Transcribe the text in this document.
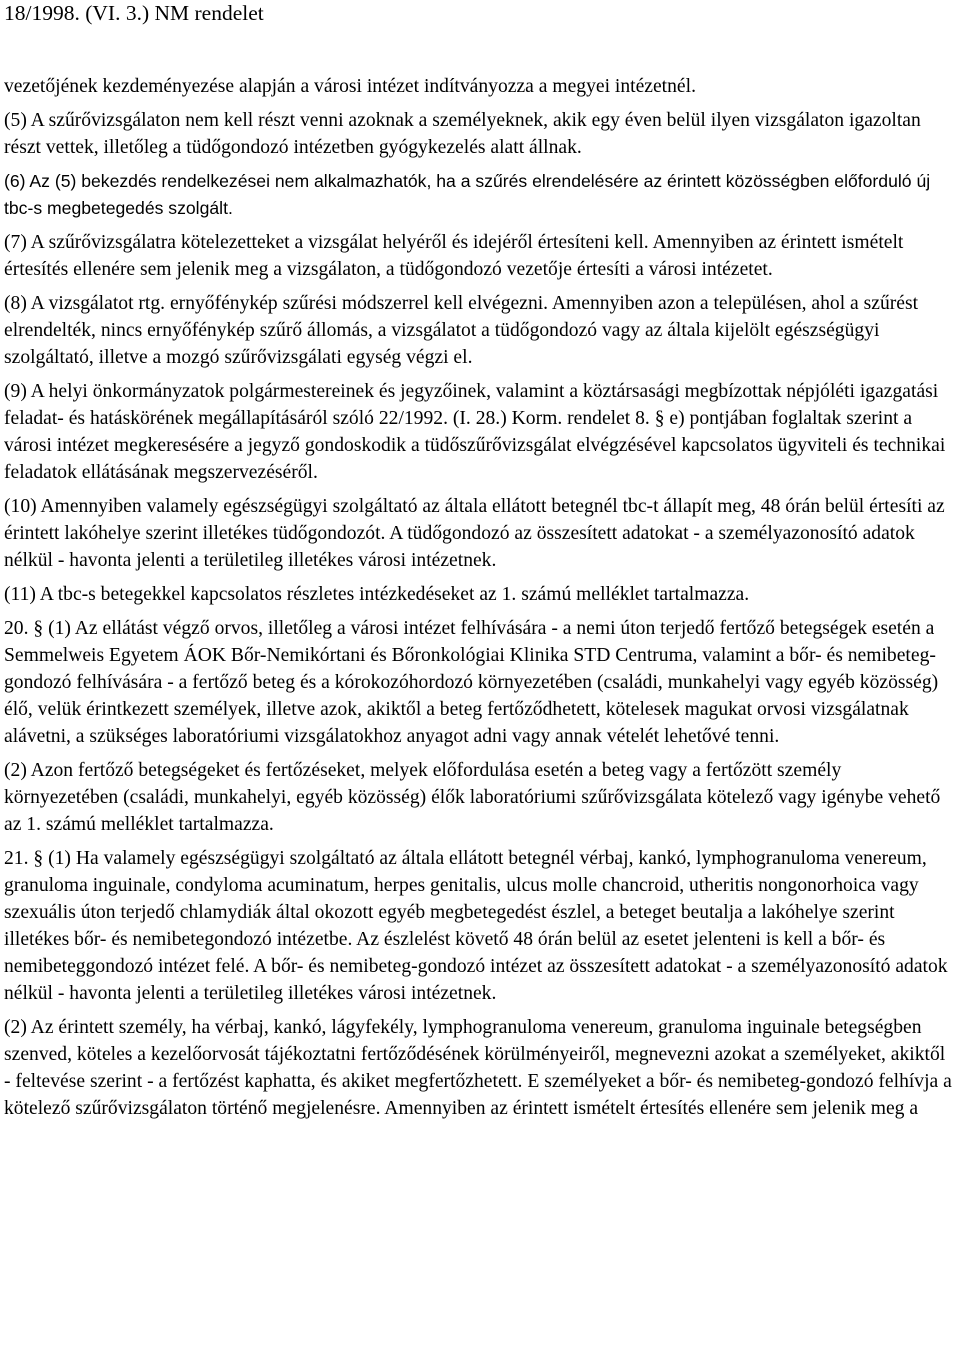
18/1998. (VI. 3.) NM rendelet

vezetőjének kezdeményezése alapján a városi intézet indítványozza a megyei intézetnél.

(5) A szűrővizsgálaton nem kell részt venni azoknak a személyeknek, akik egy éven belül ilyen vizsgálaton igazoltan részt vettek, illetőleg a tüdőgondozó intézetben gyógykezelés alatt állnak.

(6) Az (5) bekezdés rendelkezései nem alkalmazhatók, ha a szűrés elrendelésére az érintett közösségben előforduló új tbc-s megbetegedés szolgált.

(7) A szűrővizsgálatra kötelezetteket a vizsgálat helyéről és idejéről értesíteni kell. Amennyiben az érintett ismételt értesítés ellenére sem jelenik meg a vizsgálaton, a tüdőgondozó vezetője értesíti a városi intézetet.

(8) A vizsgálatot rtg. ernyőfénykép szűrési módszerrel kell elvégezni. Amennyiben azon a településen, ahol a szűrést elrendelték, nincs ernyőfénykép szűrő állomás, a vizsgálatot a tüdőgondozó vagy az általa kijelölt egészségügyi szolgáltató, illetve a mozgó szűrővizsgálati egység végzi el.

(9) A helyi önkormányzatok polgármestereinek és jegyzőinek, valamint a köztársasági megbízottak népjóléti igazgatási feladat- és hatáskörének megállapításáról szóló 22/1992. (I. 28.) Korm. rendelet 8. § e) pontjában foglaltak szerint a városi intézet megkeresésére a jegyző gondoskodik a tüdőszűrővizsgálat elvégzésével kapcsolatos ügyviteli és technikai feladatok ellátásának megszervezéséről.

(10) Amennyiben valamely egészségügyi szolgáltató az általa ellátott betegnél tbc-t állapít meg, 48 órán belül értesíti az érintett lakóhelye szerint illetékes tüdőgondozót. A tüdőgondozó az összesített adatokat - a személyazonosító adatok nélkül - havonta jelenti a területileg illetékes városi intézetnek.

(11) A tbc-s betegekkel kapcsolatos részletes intézkedéseket az 1. számú melléklet tartalmazza.

20. § (1) Az ellátást végző orvos, illetőleg a városi intézet felhívására - a nemi úton terjedő fertőző betegségek esetén a Semmelweis Egyetem ÁOK Bőr-Nemikórtani és Bőronkológiai Klinika STD Centruma, valamint a bőr- és nemibeteg-gondozó felhívására - a fertőző beteg és a kórokozóhordozó környezetében (családi, munkahelyi vagy egyéb közösség) élő, velük érintkezett személyek, illetve azok, akiktől a beteg fertőződhetett, kötelesek magukat orvosi vizsgálatnak alávetni, a szükséges laboratóriumi vizsgálatokhoz anyagot adni vagy annak vételét lehetővé tenni.

(2) Azon fertőző betegségeket és fertőzéseket, melyek előfordulása esetén a beteg vagy a fertőzött személy környezetében (családi, munkahelyi, egyéb közösség) élők laboratóriumi szűrővizsgálata kötelező vagy igénybe vehető az 1. számú melléklet tartalmazza.

21. § (1) Ha valamely egészségügyi szolgáltató az általa ellátott betegnél vérbaj, kankó, lymphogranuloma venereum, granuloma inguinale, condyloma acuminatum, herpes genitalis, ulcus molle chancroid, utheritis nongonorhoica vagy szexuális úton terjedő chlamydiák által okozott egyéb megbetegedést észlel, a beteget beutalja a lakóhelye szerint illetékes bőr- és nemibetegondozó intézetbe. Az észlelést követő 48 órán belül az esetet jelenteni is kell a bőr- és nemibeteggondozó intézet felé. A bőr- és nemibeteg-gondozó intézet az összesített adatokat - a személyazonosító adatok nélkül - havonta jelenti a területileg illetékes városi intézetnek.

(2) Az érintett személy, ha vérbaj, kankó, lágyfekély, lymphogranuloma venereum, granuloma inguinale betegségben szenved, köteles a kezelőorvosát tájékoztatni fertőződésének körülményeiről, megnevezni azokat a személyeket, akiktől - feltevése szerint - a fertőzést kaphatta, és akiket megfertőzhetett. E személyeket a bőr- és nemibeteg-gondozó felhívja a kötelező szűrővizsgálaton történő megjelenésre. Amennyiben az érintett ismételt értesítés ellenére sem jelenik meg a
